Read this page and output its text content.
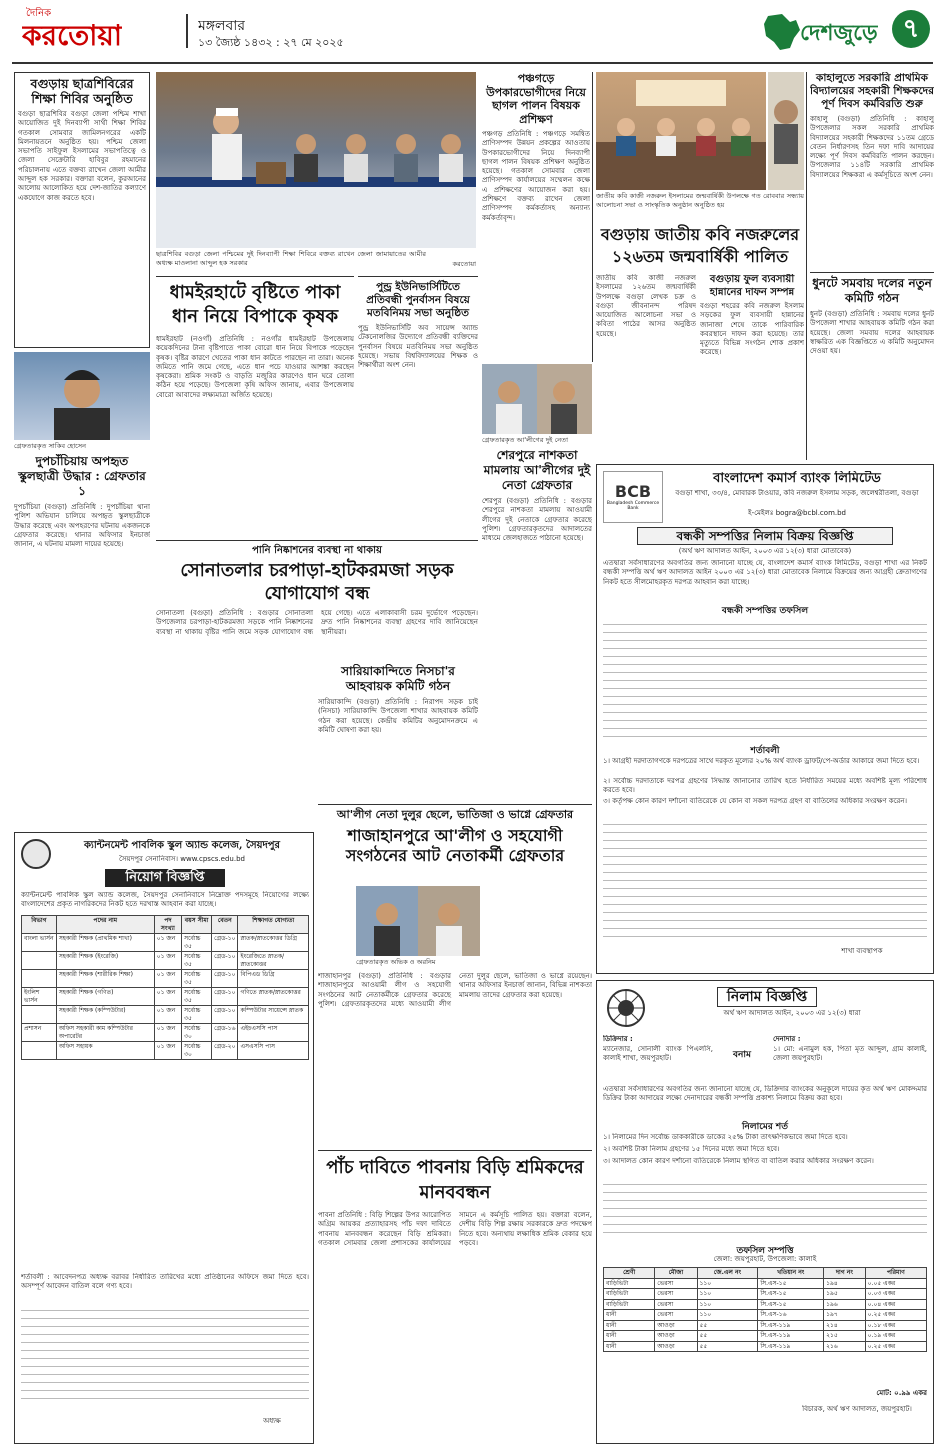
দৈনিক
করতোয়া	মঙ্গলবার
১৩ জ্যৈষ্ঠ ১৪৩২ : ২৭ মে ২০২৫	দেশজুড়ে ৭
বগুড়ায় ছাত্রশিবিরের শিক্ষা শিবির অনুষ্ঠিত
বগুড়া ছাত্রশিবির বগুড়া জেলা পশ্চিম শাখা আয়োজিত দুই দিনব্যাপী সাথী শিক্ষা শিবির গতকাল সোমবার জামিলনগরের একটি মিলনায়তনে অনুষ্ঠিত হয়। পশ্চিম জেলা সভাপতি সাইফুল ইসলামের সভাপতিত্বে ও জেলা সেক্রেটারি হাবিবুর রহমানের পরিচালনায় এতে বক্তব্য রাখেন জেলা আমীর আব্দুল হক সরকার। বক্তারা বলেন, কুরআনের আলোয় আলোকিত হয়ে দেশ-জাতির কল্যাণে একযোগে কাজ করতে হবে।
ছাত্রশিবির বগুড়া জেলা পশ্চিমের দুই দিনব্যাপী শিক্ষা শিবিরে বক্তব্য রাখেন জেলা জামায়াতের আমীর অধ্যক্ষ মাওলানা আব্দুল হক সরকার	করতোয়া
পঞ্চগড়ে উপকারভোগীদের নিয়ে ছাগল পালন বিষয়ক প্রশিক্ষণ
পঞ্চগড় প্রতিনিধি : পঞ্চগড়ে সমন্বিত প্রাণিসম্পদ উন্নয়ন প্রকল্পের আওতায় উপকারভোগীদের নিয়ে দিনব্যাপী ছাগল পালন বিষয়ক প্রশিক্ষণ অনুষ্ঠিত হয়েছে। গতকাল সোমবার জেলা প্রাণিসম্পদ কার্যালয়ের সম্মেলন কক্ষে এ প্রশিক্ষণের আয়োজন করা হয়। প্রশিক্ষণে বক্তব্য রাখেন জেলা প্রাণিসম্পদ কর্মকর্তাসহ অন্যান্য কর্মকর্তাবৃন্দ।
জাতীয় কবি কাজী নজরুল ইসলামের জন্মবার্ষিকী উপলক্ষে গত রোববার সন্ধ্যায় আলোচনা সভা ও সাংস্কৃতিক অনুষ্ঠান অনুষ্ঠিত হয়
বগুড়ায় জাতীয় কবি নজরুলের ১২৬তম জন্মবার্ষিকী পালিত
কাহালুতে সরকারি প্রাথমিক বিদ্যালয়ের সহকারী শিক্ষকদের পূর্ণ দিবস কর্মবিরতি শুরু
কাহালু (বগুড়া) প্রতিনিধি : কাহালু উপজেলার সকল সরকারি প্রাথমিক বিদ্যালয়ের সহকারী শিক্ষকদের ১১তম গ্রেডে বেতন নির্ধারণসহ তিন দফা দাবি আদায়ের লক্ষ্যে পূর্ণ দিবস কর্মবিরতি পালন করছেন। উপজেলার ১১৪টি সরকারি প্রাথমিক বিদ্যালয়ের শিক্ষকরা এ কর্মসূচিতে অংশ নেন।
ধুনটে সমবায় দলের নতুন কমিটি গঠন
ধুনট (বগুড়া) প্রতিনিধি : সমবায় দলের ধুনট উপজেলা শাখার আহবায়ক কমিটি গঠন করা হয়েছে। জেলা সমবায় দলের আহবায়ক স্বাক্ষরিত এক বিজ্ঞপ্তিতে এ কমিটি অনুমোদন দেওয়া হয়।
জাতীয় কবি কাজী নজরুল ইসলামের ১২৬তম জন্মবার্ষিকী উপলক্ষে বগুড়া লেখক চক্র ও বগুড়া জীবনানন্দ পরিষদ আয়োজিত আলোচনা সভা ও কবিতা পাঠের আসর অনুষ্ঠিত হয়েছে।
বগুড়ায় ফুল ব্যবসায়ী হান্নানের দাফন সম্পন্ন
বগুড়া শহরের কবি নজরুল ইসলাম সড়কের ফুল ব্যবসায়ী হান্নানের জানাজা শেষে তাকে পারিবারিক কবরস্থানে দাফন করা হয়েছে। তার মৃত্যুতে বিভিন্ন সংগঠন শোক প্রকাশ করেছে।
ধামইরহাটে বৃষ্টিতে পাকা ধান নিয়ে বিপাকে কৃষক
ধামইরহাট (নওগাঁ) প্রতিনিধি : নওগাঁর ধামইরহাট উপজেলায় কয়েকদিনের টানা বৃষ্টিপাতে পাকা বোরো ধান নিয়ে বিপাকে পড়েছেন কৃষক। বৃষ্টির কারণে খেতের পাকা ধান কাটতে পারছেন না তারা। অনেক জমিতে পানি জমে গেছে, এতে ধান পচে যাওয়ার আশঙ্কা করছেন কৃষকেরা। শ্রমিক সংকট ও বাড়তি মজুরির কারণেও ধান ঘরে তোলা কঠিন হয়ে পড়েছে। উপজেলা কৃষি অফিস জানায়, এবার উপজেলায় বোরো আবাদের লক্ষ্যমাত্রা অর্জিত হয়েছে।
পুন্ড্র ইউনিভার্সিটিতে প্রতিবন্ধী পুনর্বাসন বিষয়ে মতবিনিময় সভা অনুষ্ঠিত
পুন্ড্র ইউনিভার্সিটি অব সায়েন্স অ্যান্ড টেকনোলজির উদ্যোগে প্রতিবন্ধী ব্যক্তিদের পুনর্বাসন বিষয়ে মতবিনিময় সভা অনুষ্ঠিত হয়েছে। সভায় বিশ্ববিদ্যালয়ের শিক্ষক ও শিক্ষার্থীরা অংশ নেন।
গ্রেফতারকৃত সাকিব হোসেন
দুপচাঁচিয়ায় অপহৃত স্কুলছাত্রী উদ্ধার : গ্রেফতার ১
দুপচাঁচিয়া (বগুড়া) প্রতিনিধি : দুপচাঁচিয়া থানা পুলিশ অভিযান চালিয়ে অপহৃত স্কুলছাত্রীকে উদ্ধার করেছে এবং অপহরণের ঘটনায় একজনকে গ্রেফতার করেছে। থানার অফিসার ইনচার্জ জানান, এ ঘটনায় মামলা দায়ের হয়েছে।
গ্রেফতারকৃত আ'লীগের দুই নেতা
শেরপুরে নাশকতা মামলায় আ'লীগের দুই নেতা গ্রেফতার
শেরপুর (বগুড়া) প্রতিনিধি : বগুড়ার শেরপুরে নাশকতা মামলায় আওয়ামী লীগের দুই নেতাকে গ্রেফতার করেছে পুলিশ। গ্রেফতারকৃতদের আদালতের মাধ্যমে জেলহাজতে পাঠানো হয়েছে।
BCB
Bangladesh Commerce Bank
বাংলাদেশ কমার্স ব্যাংক লিমিটেড
বগুড়া শাখা, ৩৩/৪, মোবারক টাওয়ার, কবি নজরুল ইসলাম সড়ক, জলেশ্বরীতলা, বগুড়া
ই-মেইলঃ bogra@bcbl.com.bd
বন্ধকী সম্পত্তির নিলাম বিক্রয় বিজ্ঞপ্তি
(অর্থ ঋণ আদালত আইন, ২০০৩ এর ১২(৩) ধারা মোতাবেক)
এতদ্বারা সর্বসাধারণের অবগতির জন্য জানানো যাচ্ছে যে, বাংলাদেশ কমার্স ব্যাংক লিমিটেড, বগুড়া শাখা এর নিকট বন্ধকী সম্পত্তি অর্থ ঋণ আদালত আইন ২০০৩ এর ১২(৩) ধারা মোতাবেক নিলামে বিক্রয়ের জন্য আগ্রহী ক্রেতাগণের নিকট হতে সীলমোহরকৃত দরপত্র আহবান করা যাচ্ছে।
বন্ধকী সম্পত্তির তফসিল
শর্তাবলী
১। আগ্রহী দরদাতাগণকে দরপত্রের সাথে দরকৃত মূল্যের ২০% অর্থ ব্যাংক ড্রাফট/পে-অর্ডার আকারে জমা দিতে হবে।
২। সর্বোচ্চ দরদাতাকে দরপত্র গ্রহণের সিদ্ধান্ত জানানোর তারিখ হতে নির্ধারিত সময়ের মধ্যে অবশিষ্ট মূল্য পরিশোধ করতে হবে।
৩। কর্তৃপক্ষ কোন কারণ দর্শানো ব্যতিরেকে যে কোন বা সকল দরপত্র গ্রহণ বা বাতিলের অধিকার সংরক্ষণ করেন।
শাখা ব্যবস্থাপক
পানি নিষ্কাশনের ব্যবস্থা না থাকায়
সোনাতলার চরপাড়া-হাটকরমজা সড়ক যোগাযোগ বন্ধ
সোনাতলা (বগুড়া) প্রতিনিধি : বগুড়ার সোনাতলা উপজেলার চরপাড়া-হাটকরমজা সড়কে পানি নিষ্কাশনের ব্যবস্থা না থাকায় বৃষ্টির পানি জমে সড়ক যোগাযোগ বন্ধ হয়ে গেছে। এতে এলাকাবাসী চরম দুর্ভোগে পড়েছেন। দ্রুত পানি নিষ্কাশনের ব্যবস্থা গ্রহণের দাবি জানিয়েছেন স্থানীয়রা।
সারিয়াকান্দিতে নিসচা'র আহবায়ক কমিটি গঠন
সারিয়াকান্দি (বগুড়া) প্রতিনিধি : নিরাপদ সড়ক চাই (নিসচা) সারিয়াকান্দি উপজেলা শাখার আহবায়ক কমিটি গঠন করা হয়েছে। কেন্দ্রীয় কমিটির অনুমোদনক্রমে এ কমিটি ঘোষণা করা হয়।
গ্রেফতারকৃত অভিক ও অরনিম
আ'লীগ নেতা দুলুর ছেলে, ভাতিজা ও ভাগ্নে গ্রেফতার
শাজাহানপুরে আ'লীগ ও সহযোগী সংগঠনের আট নেতাকর্মী গ্রেফতার
শাজাহানপুর (বগুড়া) প্রতিনিধি : বগুড়ার শাজাহানপুরে আওয়ামী লীগ ও সহযোগী সংগঠনের আট নেতাকর্মীকে গ্রেফতার করেছে পুলিশ। গ্রেফতারকৃতদের মধ্যে আওয়ামী লীগ নেতা দুলুর ছেলে, ভাতিজা ও ভাগ্নে রয়েছেন। থানার অফিসার ইনচার্জ জানান, বিভিন্ন নাশকতা মামলায় তাদের গ্রেফতার করা হয়েছে।
পাঁচ দাবিতে পাবনায় বিড়ি শ্রমিকদের মানববন্ধন
পাবনা প্রতিনিধি : বিড়ি শিল্পের উপর আরোপিত অগ্রিম আয়কর প্রত্যাহারসহ পাঁচ দফা দাবিতে পাবনায় মানববন্ধন করেছেন বিড়ি শ্রমিকরা। গতকাল সোমবার জেলা প্রশাসকের কার্যালয়ের সামনে এ কর্মসূচি পালিত হয়। বক্তারা বলেন, দেশীয় বিড়ি শিল্প রক্ষায় সরকারকে দ্রুত পদক্ষেপ নিতে হবে। অন্যথায় লক্ষাধিক শ্রমিক বেকার হয়ে পড়বে।
ক্যান্টনমেন্ট পাবলিক স্কুল অ্যান্ড কলেজ, সৈয়দপুর
সৈয়দপুর সেনানিবাস। www.cpscs.edu.bd
নিয়োগ বিজ্ঞপ্তি
ক্যান্টনমেন্ট পাবলিক স্কুল অ্যান্ড কলেজ, সৈয়দপুর সেনানিবাসে নিম্নোক্ত পদসমূহে নিয়োগের লক্ষ্যে বাংলাদেশের প্রকৃত নাগরিকদের নিকট হতে দরখাস্ত আহবান করা যাচ্ছে।
বিভাগ	পদের নাম	পদ সংখ্যা	বয়স সীমা	বেতন	শিক্ষাগত যোগ্যতা
বাংলা ভার্সন	সহকারী শিক্ষক (প্রাথমিক শাখা)	০১ জন	সর্বোচ্চ ৩৫	গ্রেড-১০	স্নাতক/স্নাতকোত্তর ডিগ্রি
	সহকারী শিক্ষক (ইংরেজি)	০১ জন	সর্বোচ্চ ৩৫	গ্রেড-১০	ইংরেজিতে স্নাতক/স্নাতকোত্তর
	সহকারী শিক্ষক (শারীরিক শিক্ষা)	০১ জন	সর্বোচ্চ ৩৫	গ্রেড-১০	বিপিএড ডিগ্রি
ইংলিশ ভার্সন	সহকারী শিক্ষক (গণিত)	০১ জন	সর্বোচ্চ ৩৫	গ্রেড-১০	গণিতে স্নাতক/স্নাতকোত্তর
	সহকারী শিক্ষক (কম্পিউটার)	০১ জন	সর্বোচ্চ ৩৫	গ্রেড-১০	কম্পিউটার সায়েন্সে স্নাতক
প্রশাসন	অফিস সহকারী কাম কম্পিউটার অপারেটর	০১ জন	সর্বোচ্চ ৩০	গ্রেড-১৬	এইচএসসি পাস
	অফিস সহায়ক	০১ জন	সর্বোচ্চ ৩০	গ্রেড-২০	এসএসসি পাস
শর্তাবলী : আবেদনপত্র অধ্যক্ষ বরাবর নির্ধারিত তারিখের মধ্যে প্রতিষ্ঠানের অফিসে জমা দিতে হবে। অসম্পূর্ণ আবেদন বাতিল বলে গণ্য হবে।
অধ্যক্ষ
নিলাম বিজ্ঞপ্তি
অর্থ ঋণ আদালত আইন, ২০০৩ এর ১২(৩) ধারা
ডিক্রিদার :
ম্যানেজার, সোনালী ব্যাংক পিএলসি, কালাই শাখা, জয়পুরহাট।	বনাম
দেনাদার :
১। মো: এনামুল হক, পিতা মৃত আব্দুল, গ্রাম কালাই, জেলা জয়পুরহাট।
এতদ্বারা সর্বসাধারণের অবগতির জন্য জানানো যাচ্ছে যে, ডিক্রিদার ব্যাংকের অনুকূলে দায়ের কৃত অর্থ ঋণ মোকদ্দমার ডিক্রির টাকা আদায়ের লক্ষ্যে দেনাদারের বন্ধকী সম্পত্তি প্রকাশ্য নিলামে বিক্রয় করা হবে।
নিলামের শর্ত
১। নিলামের দিন সর্বোচ্চ ডাককারীকে ডাকের ২৫% টাকা তাৎক্ষণিকভাবে জমা দিতে হবে।
২। অবশিষ্ট টাকা নিলাম গ্রহণের ১৫ দিনের মধ্যে জমা দিতে হবে।
৩। আদালত কোন কারণ দর্শানো ব্যতিরেকে নিলাম স্থগিত বা বাতিল করার অধিকার সংরক্ষণ করেন।
তফসিল সম্পত্তি
জেলা: জয়পুরহাট, উপজেলা: কালাই
শ্রেণী	মৌজা	জে.এল নং	খতিয়ান নং	দাগ নং	পরিমাণ
বাড়িভিটা	ভেরসা	১১০	সি.এস-১৫	১৯৪	০.০৫ একর
বাড়িভিটা	ভেরসা	১১০	সি.এস-১৫	১৯৫	০.০৩ একর
বাড়িভিটা	ভেরসা	১১০	সি.এস-১৫	১৯৬	০.০৪ একর
ধানী	ভেরসা	১১০	সি.এস-১৬	১৯৭	০.২৫ একর
ধানী	আওড়া	৫৫	সি.এস-১১৯	২১৪	০.১৮ একর
ধানী	আওড়া	৫৫	সি.এস-১১৯	২১৫	০.১৯ একর
ধানী	আওড়া	৫৫	সি.এস-১১৯	২১৬	০.২৫ একর
মোট: ০.৯৯ একর
বিচারক, অর্থ ঋণ আদালত, জয়পুরহাট।
